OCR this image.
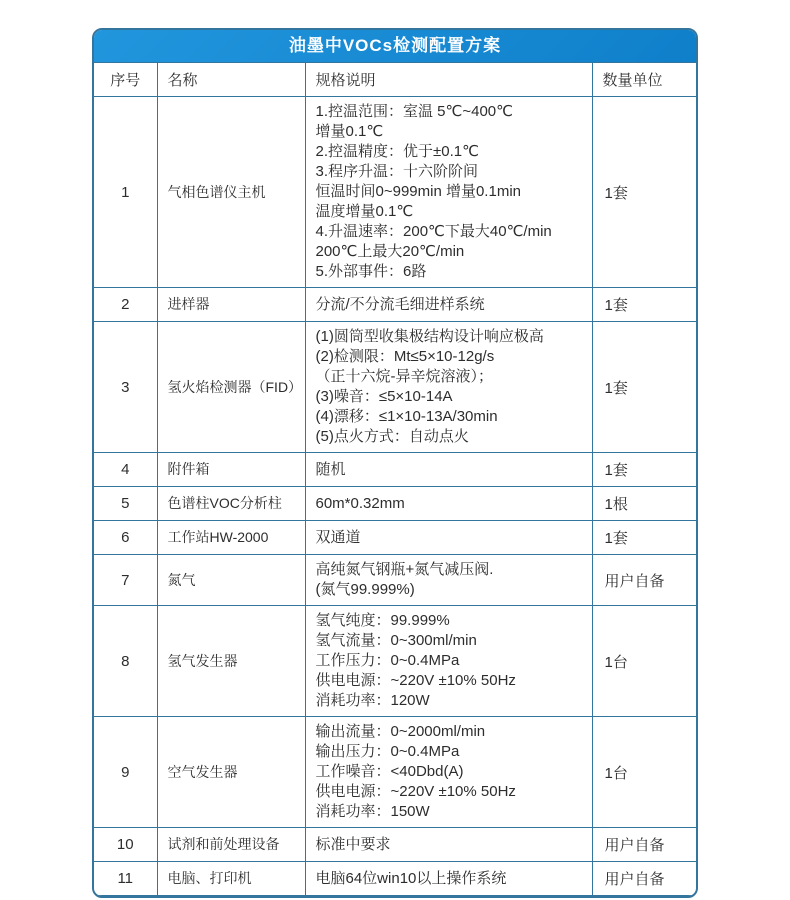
油墨中VOCs检测配置方案
序号	名称	规格说明	数量单位
1	气相色谱仪主机	
1.控温范围：室温 5℃~400℃
增量0.1℃
2.控温精度：优于±0.1℃
3.程序升温：十六阶阶间
恒温时间0~999min 增量0.1min
温度增量0.1℃
4.升温速率：200℃下最大40℃/min
200℃上最大20℃/min
5.外部事件：6路
	1套
2	进样器	分流/不分流毛细进样系统	1套
3	氢火焰检测器（FID）	
(1)圆筒型收集极结构设计响应极高
(2)检测限：Mt≤5×10-12g/s
（正十六烷-异辛烷溶液）；
(3)噪音：≤5×10-14A
(4)漂移：≤1×10-13A/30min
(5)点火方式：自动点火
	1套
4	附件箱	随机	1套
5	色谱柱VOC分析柱	60m*0.32mm	1根
6	工作站HW-2000	双通道	1套
7	氮气	高纯氮气钢瓶+氮气减压阀.
(氮气99.999%)	用户自备
8	氢气发生器	氢气纯度：99.999%
氢气流量：0~300ml/min
工作压力：0~0.4MPa
供电电源：~220V ±10% 50Hz
消耗功率：120W	1台
9	空气发生器	输出流量：0~2000ml/min
输出压力：0~0.4MPa
工作噪音：<40Dbd(A)
供电电源：~220V ±10% 50Hz
消耗功率：150W	1台
10	试剂和前处理设备	标准中要求	用户自备
11	电脑、打印机	电脑64位win10以上操作系统	用户自备
